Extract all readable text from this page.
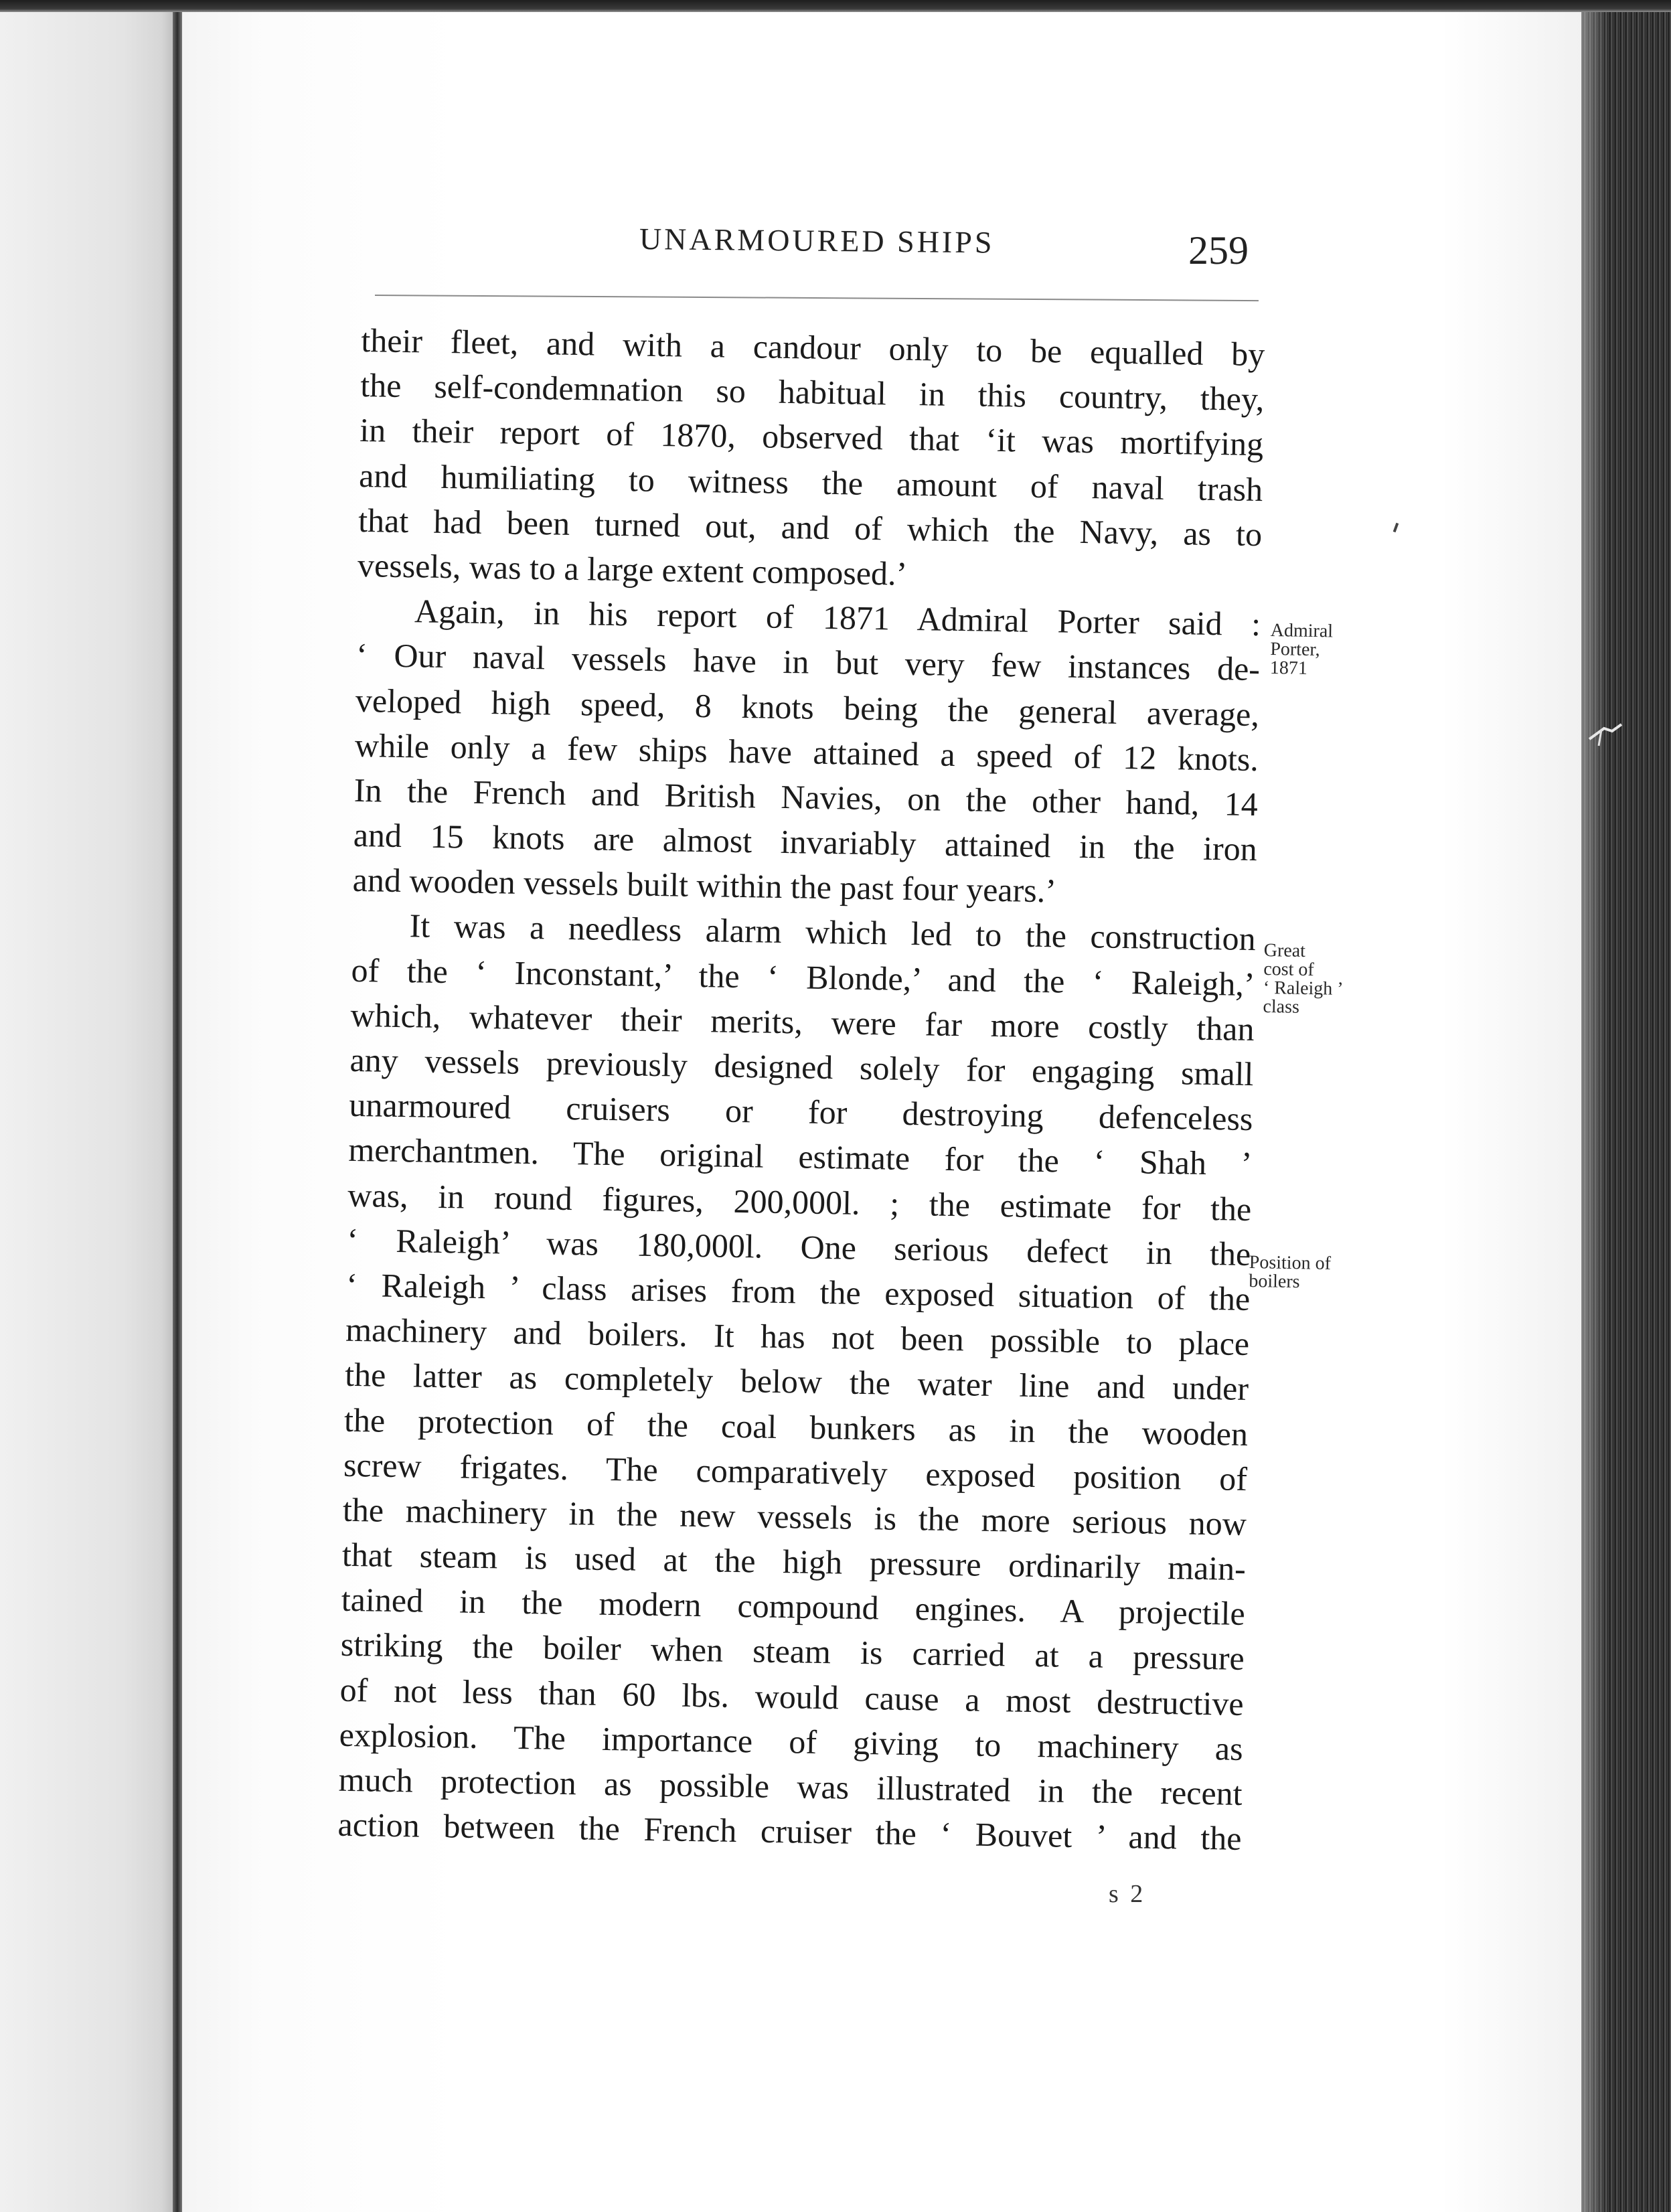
UNARMOURED SHIPS	259
their fleet, and with a candour only to be equalled by
the self-condemnation so habitual in this country, they,
in their report of 1870, observed that ‘it was mortifying
and humiliating to witness the amount of naval trash
that had been turned out, and of which the Navy, as to
vessels, was to a large extent composed.’
Again, in his report of 1871 Admiral Porter said :
‘ Our naval vessels have in but very few instances de-
veloped high speed, 8 knots being the general average,
while only a few ships have attained a speed of 12 knots.
In the French and British Navies, on the other hand, 14
and 15 knots are almost invariably attained in the iron
and wooden vessels built within the past four years.’
It was a needless alarm which led to the construction
of the ‘ Inconstant,’ the ‘ Blonde,’ and the ‘ Raleigh,’
which, whatever their merits, were far more costly than
any vessels previously designed solely for engaging small
unarmoured cruisers or for destroying defenceless
merchantmen. The original estimate for the ‘ Shah ’
was, in round figures, 200,000l. ; the estimate for the
‘ Raleigh’ was 180,000l. One serious defect in the
‘ Raleigh ’ class arises from the exposed situation of the
machinery and boilers. It has not been possible to place
the latter as completely below the water line and under
the protection of the coal bunkers as in the wooden
screw frigates. The comparatively exposed position of
the machinery in the new vessels is the more serious now
that steam is used at the high pressure ordinarily main-
tained in the modern compound engines. A projectile
striking the boiler when steam is carried at a pressure
of not less than 60 lbs. would cause a most destructive
explosion. The importance of giving to machinery as
much protection as possible was illustrated in the recent
action between the French cruiser the ‘ Bouvet ’ and the
Admiral
Porter,
1871
Great
cost of
‘ Raleigh ’
class
Position of
boilers
s 2
